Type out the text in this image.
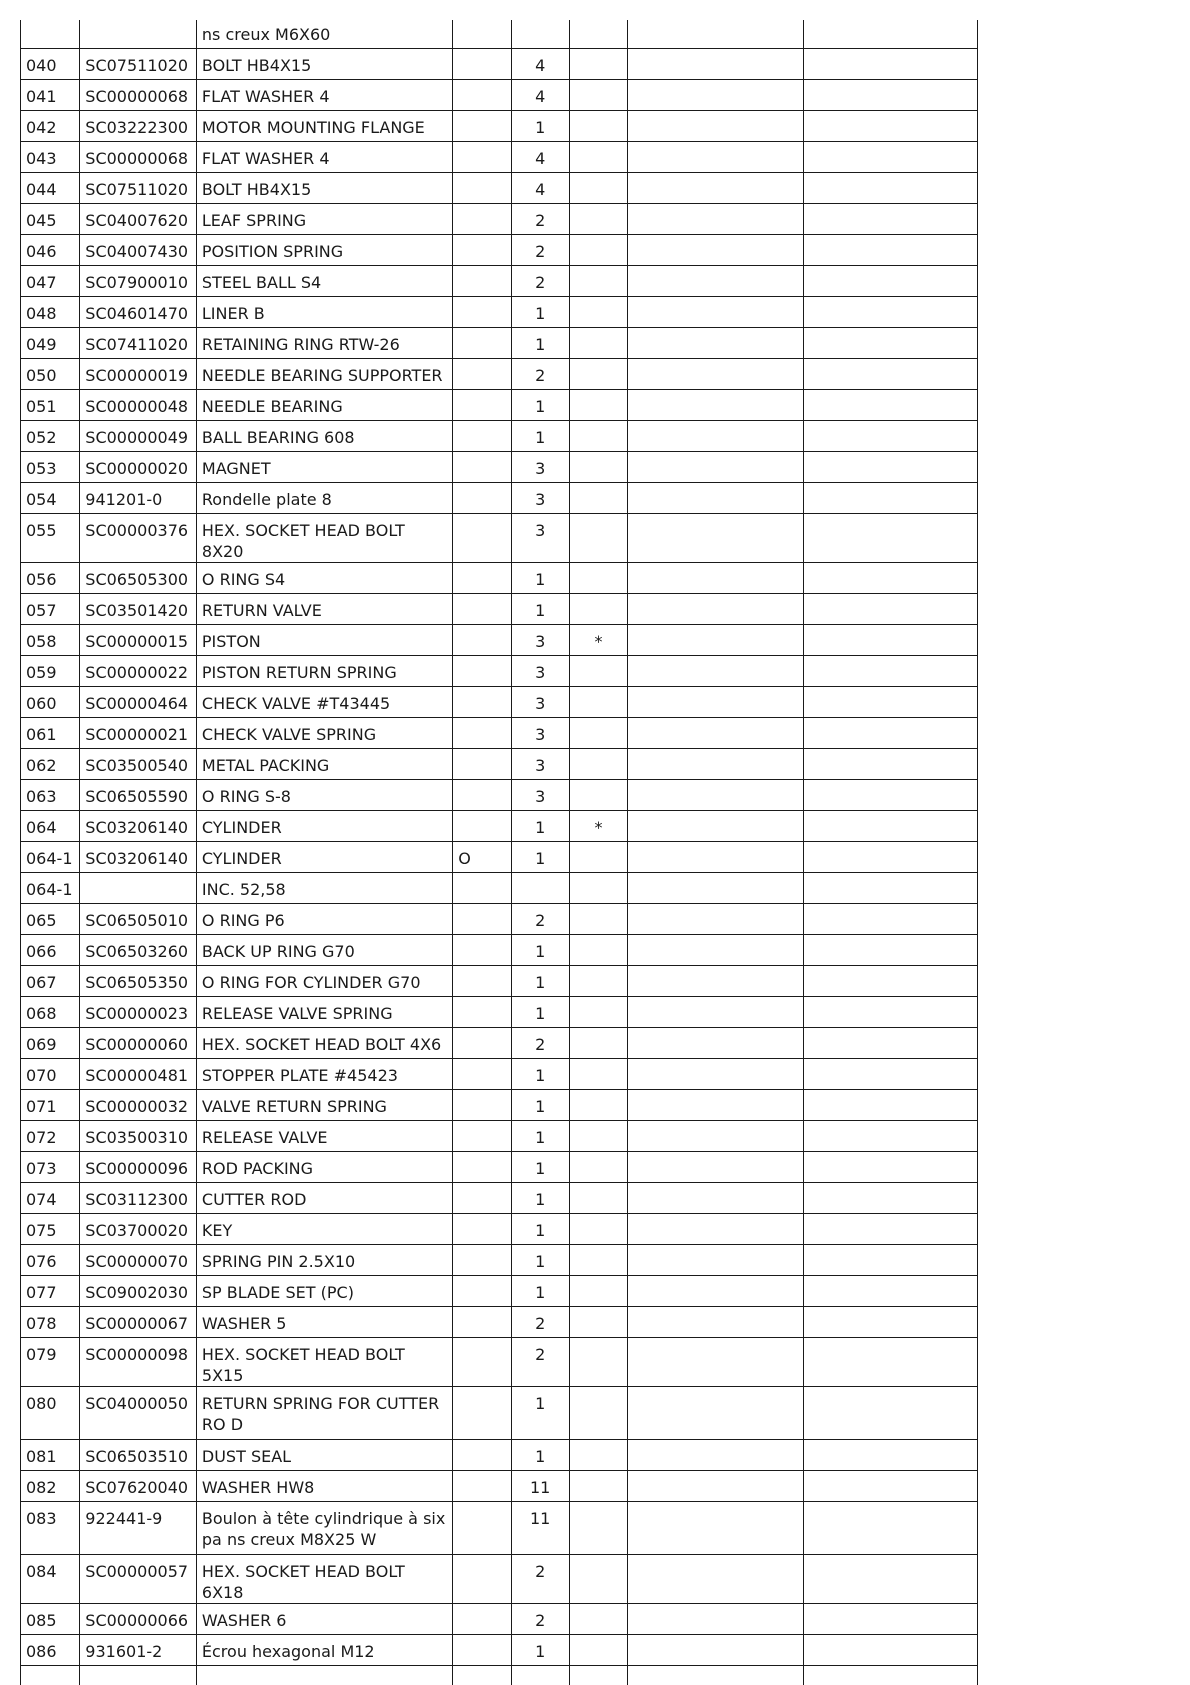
		ns creux M6X60					
040	SC07511020	BOLT HB4X15		4			
041	SC00000068	FLAT WASHER 4		4			
042	SC03222300	MOTOR MOUNTING FLANGE		1			
043	SC00000068	FLAT WASHER 4		4			
044	SC07511020	BOLT HB4X15		4			
045	SC04007620	LEAF SPRING		2			
046	SC04007430	POSITION SPRING		2			
047	SC07900010	STEEL BALL S4		2			
048	SC04601470	LINER B		1			
049	SC07411020	RETAINING RING RTW-26		1			
050	SC00000019	NEEDLE BEARING SUPPORTER		2			
051	SC00000048	NEEDLE BEARING		1			
052	SC00000049	BALL BEARING 608		1			
053	SC00000020	MAGNET		3			
054	941201-0	Rondelle plate 8		3			
055	SC00000376	HEX. SOCKET HEAD BOLT 8X20		3			
056	SC06505300	O RING S4		1			
057	SC03501420	RETURN VALVE		1			
058	SC00000015	PISTON		3	*		
059	SC00000022	PISTON RETURN SPRING		3			
060	SC00000464	CHECK VALVE #T43445		3			
061	SC00000021	CHECK VALVE SPRING		3			
062	SC03500540	METAL PACKING		3			
063	SC06505590	O RING S-8		3			
064	SC03206140	CYLINDER		1	*		
064-1	SC03206140	CYLINDER	O	1			
064-1		INC. 52,58					
065	SC06505010	O RING P6		2			
066	SC06503260	BACK UP RING G70		1			
067	SC06505350	O RING FOR CYLINDER G70		1			
068	SC00000023	RELEASE VALVE SPRING		1			
069	SC00000060	HEX. SOCKET HEAD BOLT 4X6		2			
070	SC00000481	STOPPER PLATE #45423		1			
071	SC00000032	VALVE RETURN SPRING		1			
072	SC03500310	RELEASE VALVE		1			
073	SC00000096	ROD PACKING		1			
074	SC03112300	CUTTER ROD		1			
075	SC03700020	KEY		1			
076	SC00000070	SPRING PIN 2.5X10		1			
077	SC09002030	SP BLADE SET (PC)		1			
078	SC00000067	WASHER 5		2			
079	SC00000098	HEX. SOCKET HEAD BOLT 5X15		2			
080	SC04000050	RETURN SPRING FOR CUTTER RO D		1			
081	SC06503510	DUST SEAL		1			
082	SC07620040	WASHER HW8		11			
083	922441-9	Boulon à tête cylindrique à six pa ns creux M8X25 W		11			
084	SC00000057	HEX. SOCKET HEAD BOLT 6X18		2			
085	SC00000066	WASHER 6		2			
086	931601-2	Écrou hexagonal M12		1			
